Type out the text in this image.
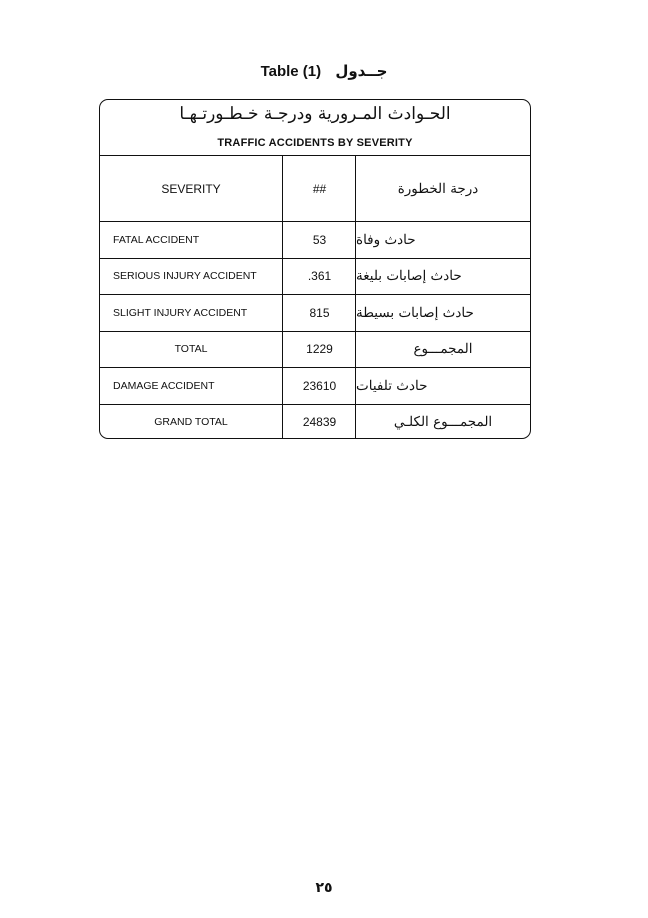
Table (1) جــدول
الحـوادث المـرورية ودرجـة خـطـورتـهـا
TRAFFIC ACCIDENTS BY SEVERITY
SEVERITY	##	درجة الخطورة
FATAL ACCIDENT	53	حادث وفاة
SERIOUS INJURY ACCIDENT	.361	حادث إصابات بليغة
SLIGHT INJURY ACCIDENT	815	حادث إصابات بسيطة
TOTAL	1229	المجمـــوع
DAMAGE ACCIDENT	23610	حادث تلفيات
GRAND TOTAL	24839	المجمـــوع الكلـي
٢٥
